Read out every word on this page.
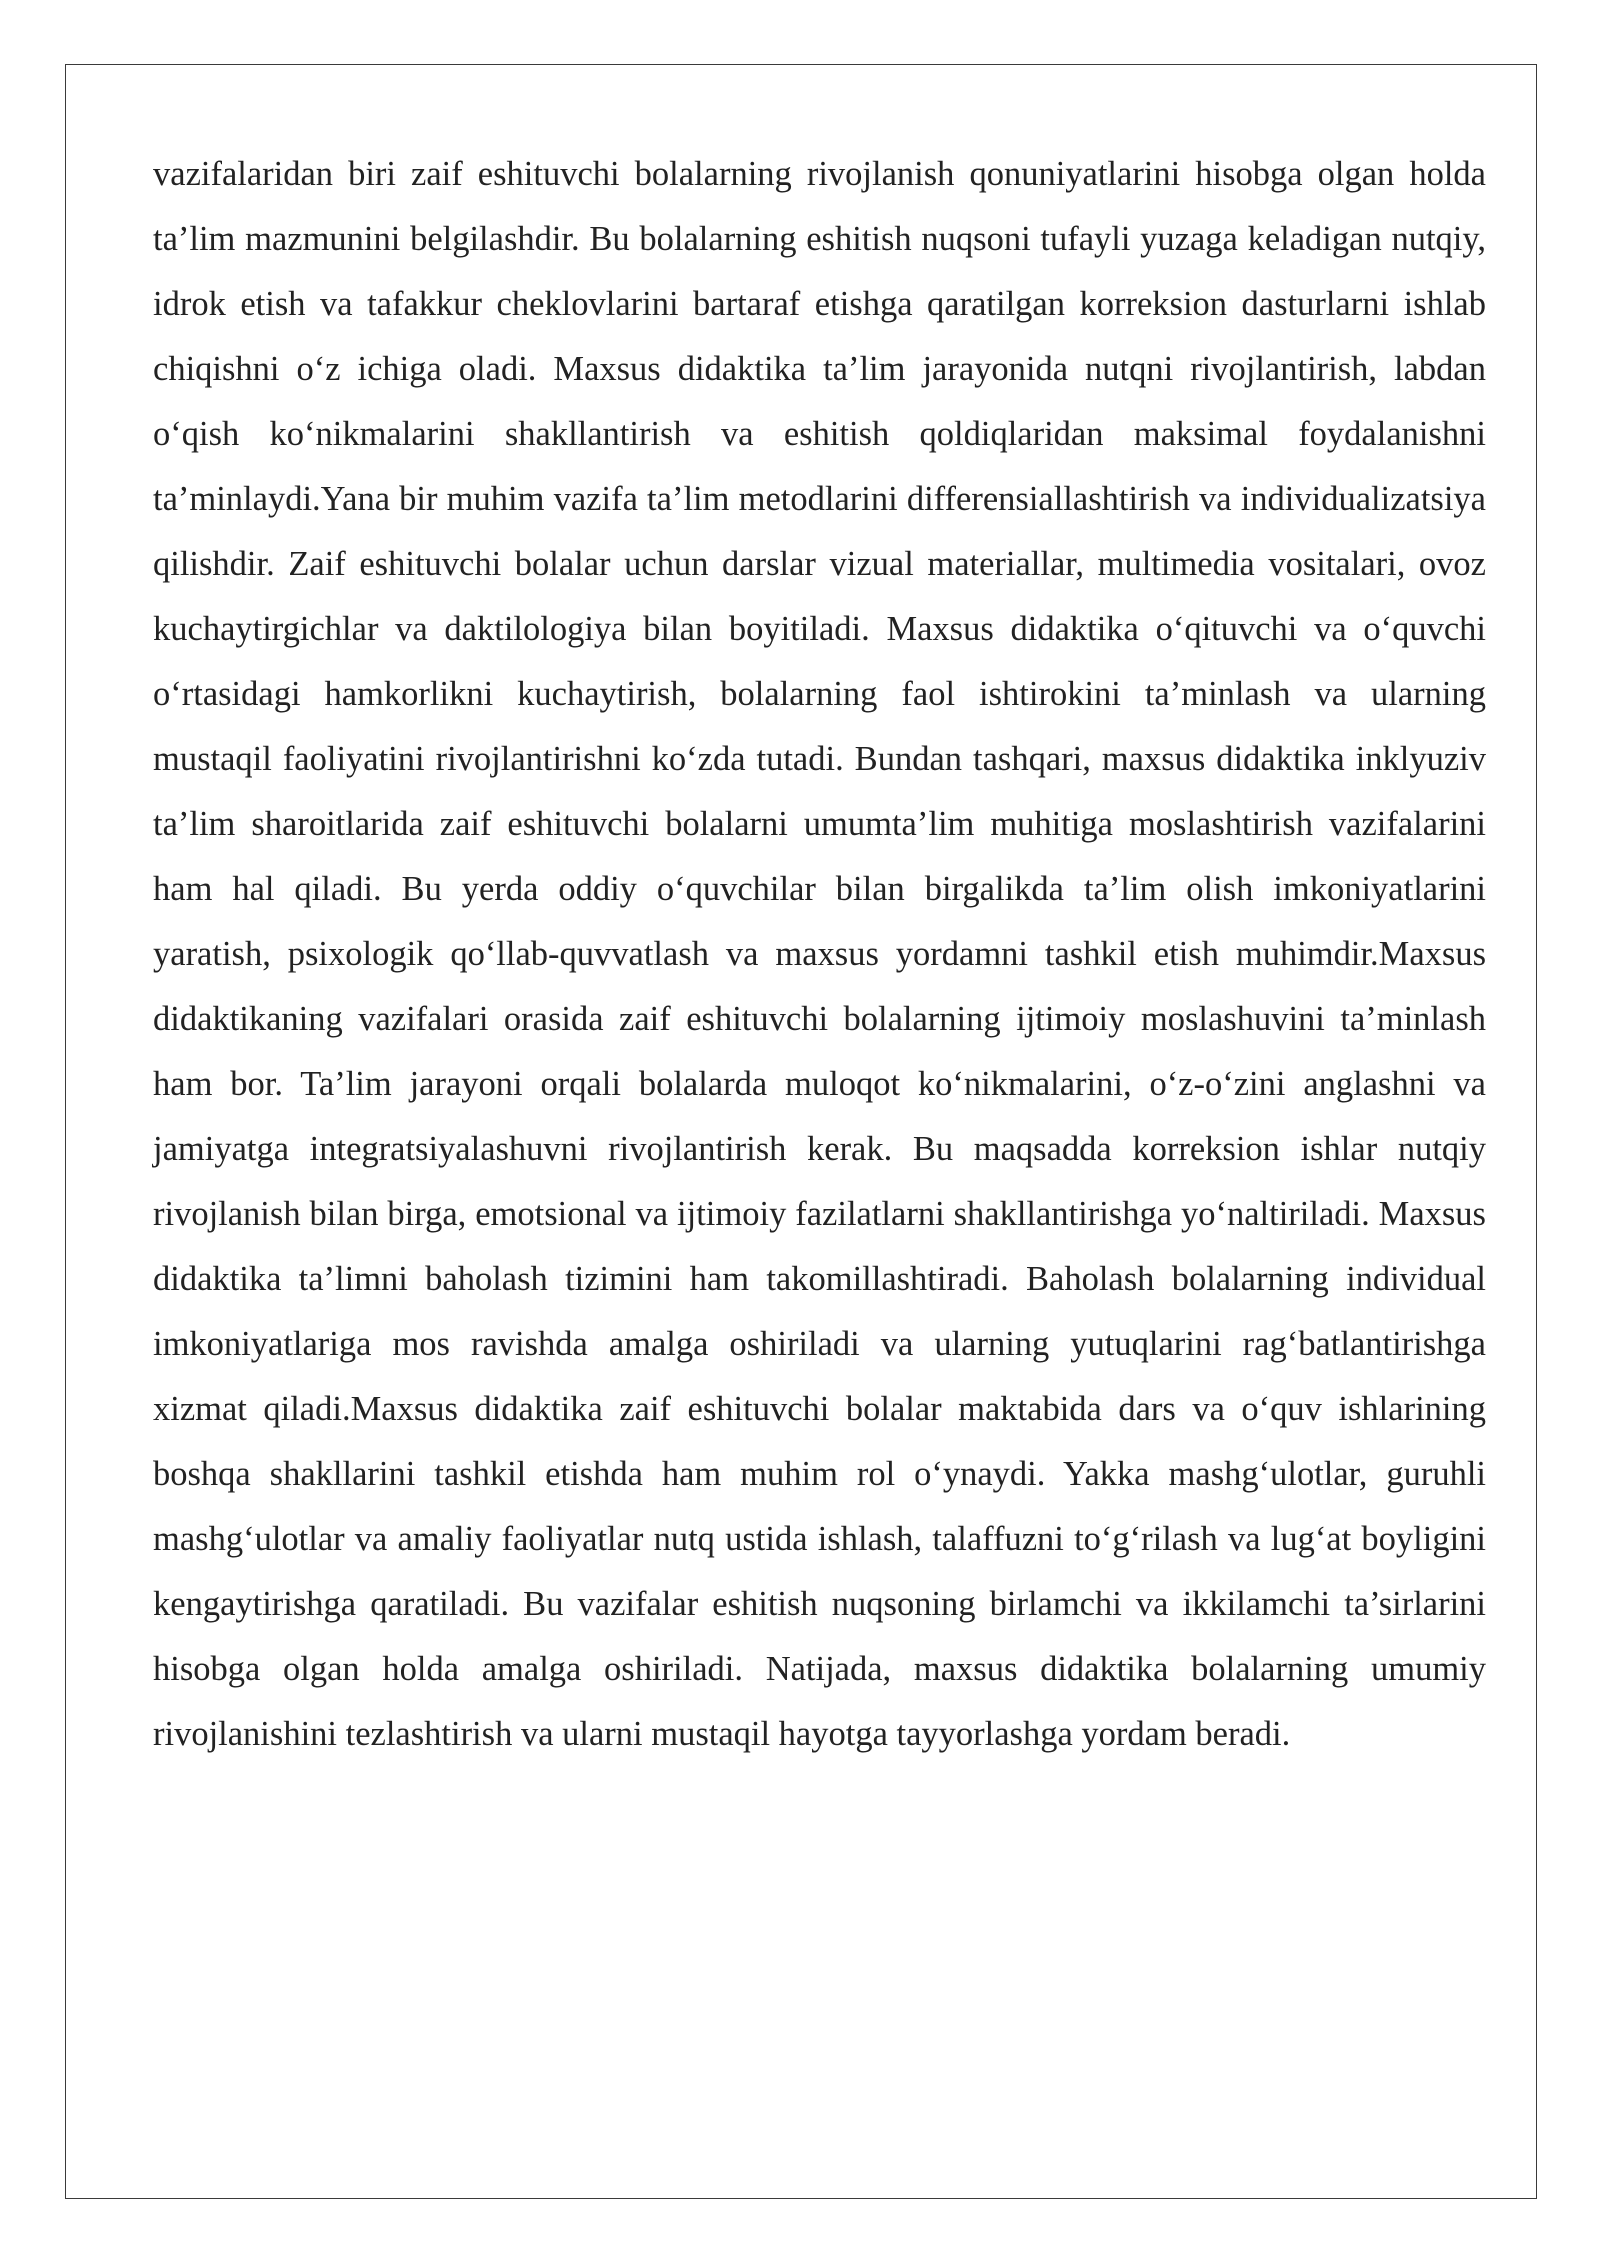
vazifalaridan biri zaif eshituvchi bolalarning rivojlanish qonuniyatlarini hisobga olgan holda ta’lim mazmunini belgilashdir. Bu bolalarning eshitish nuqsoni tufayli yuzaga keladigan nutqiy, idrok etish va tafakkur cheklovlarini bartaraf etishga qaratilgan korreksion dasturlarni ishlab chiqishni o‘z ichiga oladi. Maxsus didaktika ta’lim jarayonida nutqni rivojlantirish, labdan o‘qish ko‘nikmalarini shakllantirish va eshitish qoldiqlaridan maksimal foydalanishni ta’minlaydi.Yana bir muhim vazifa ta’lim metodlarini differensiallashtirish va individualizatsiya qilishdir. Zaif eshituvchi bolalar uchun darslar vizual materiallar, multimedia vositalari, ovoz kuchaytirgichlar va daktilologiya bilan boyitiladi. Maxsus didaktika o‘qituvchi va o‘quvchi o‘rtasidagi hamkorlikni kuchaytirish, bolalarning faol ishtirokini ta’minlash va ularning mustaqil faoliyatini rivojlantirishni ko‘zda tutadi. Bundan tashqari, maxsus didaktika inklyuziv ta’lim sharoitlarida zaif eshituvchi bolalarni umumta’lim muhitiga moslashtirish vazifalarini ham hal qiladi. Bu yerda oddiy o‘quvchilar bilan birgalikda ta’lim olish imkoniyatlarini yaratish, psixologik qo‘llab-quvvatlash va maxsus yordamni tashkil etish muhimdir.Maxsus didaktikaning vazifalari orasida zaif eshituvchi bolalarning ijtimoiy moslashuvini ta’minlash ham bor. Ta’lim jarayoni orqali bolalarda muloqot ko‘nikmalarini, o‘z-o‘zini anglashni va jamiyatga integratsiyalashuvni rivojlantirish kerak. Bu maqsadda korreksion ishlar nutqiy rivojlanish bilan birga, emotsional va ijtimoiy fazilatlarni shakllantirishga yo‘naltiriladi. Maxsus didaktika ta’limni baholash tizimini ham takomillashtiradi. Baholash bolalarning individual imkoniyatlariga mos ravishda amalga oshiriladi va ularning yutuqlarini rag‘batlantirishga xizmat qiladi.Maxsus didaktika zaif eshituvchi bolalar maktabida dars va o‘quv ishlarining boshqa shakllarini tashkil etishda ham muhim rol o‘ynaydi. Yakka mashg‘ulotlar, guruhli mashg‘ulotlar va amaliy faoliyatlar nutq ustida ishlash, talaffuzni to‘g‘rilash va lug‘at boyligini kengaytirishga qaratiladi. Bu vazifalar eshitish nuqsoning birlamchi va ikkilamchi ta’sirlarini hisobga olgan holda amalga oshiriladi. Natijada, maxsus didaktika bolalarning umumiy rivojlanishini tezlashtirish va ularni mustaqil hayotga tayyorlashga yordam beradi.
